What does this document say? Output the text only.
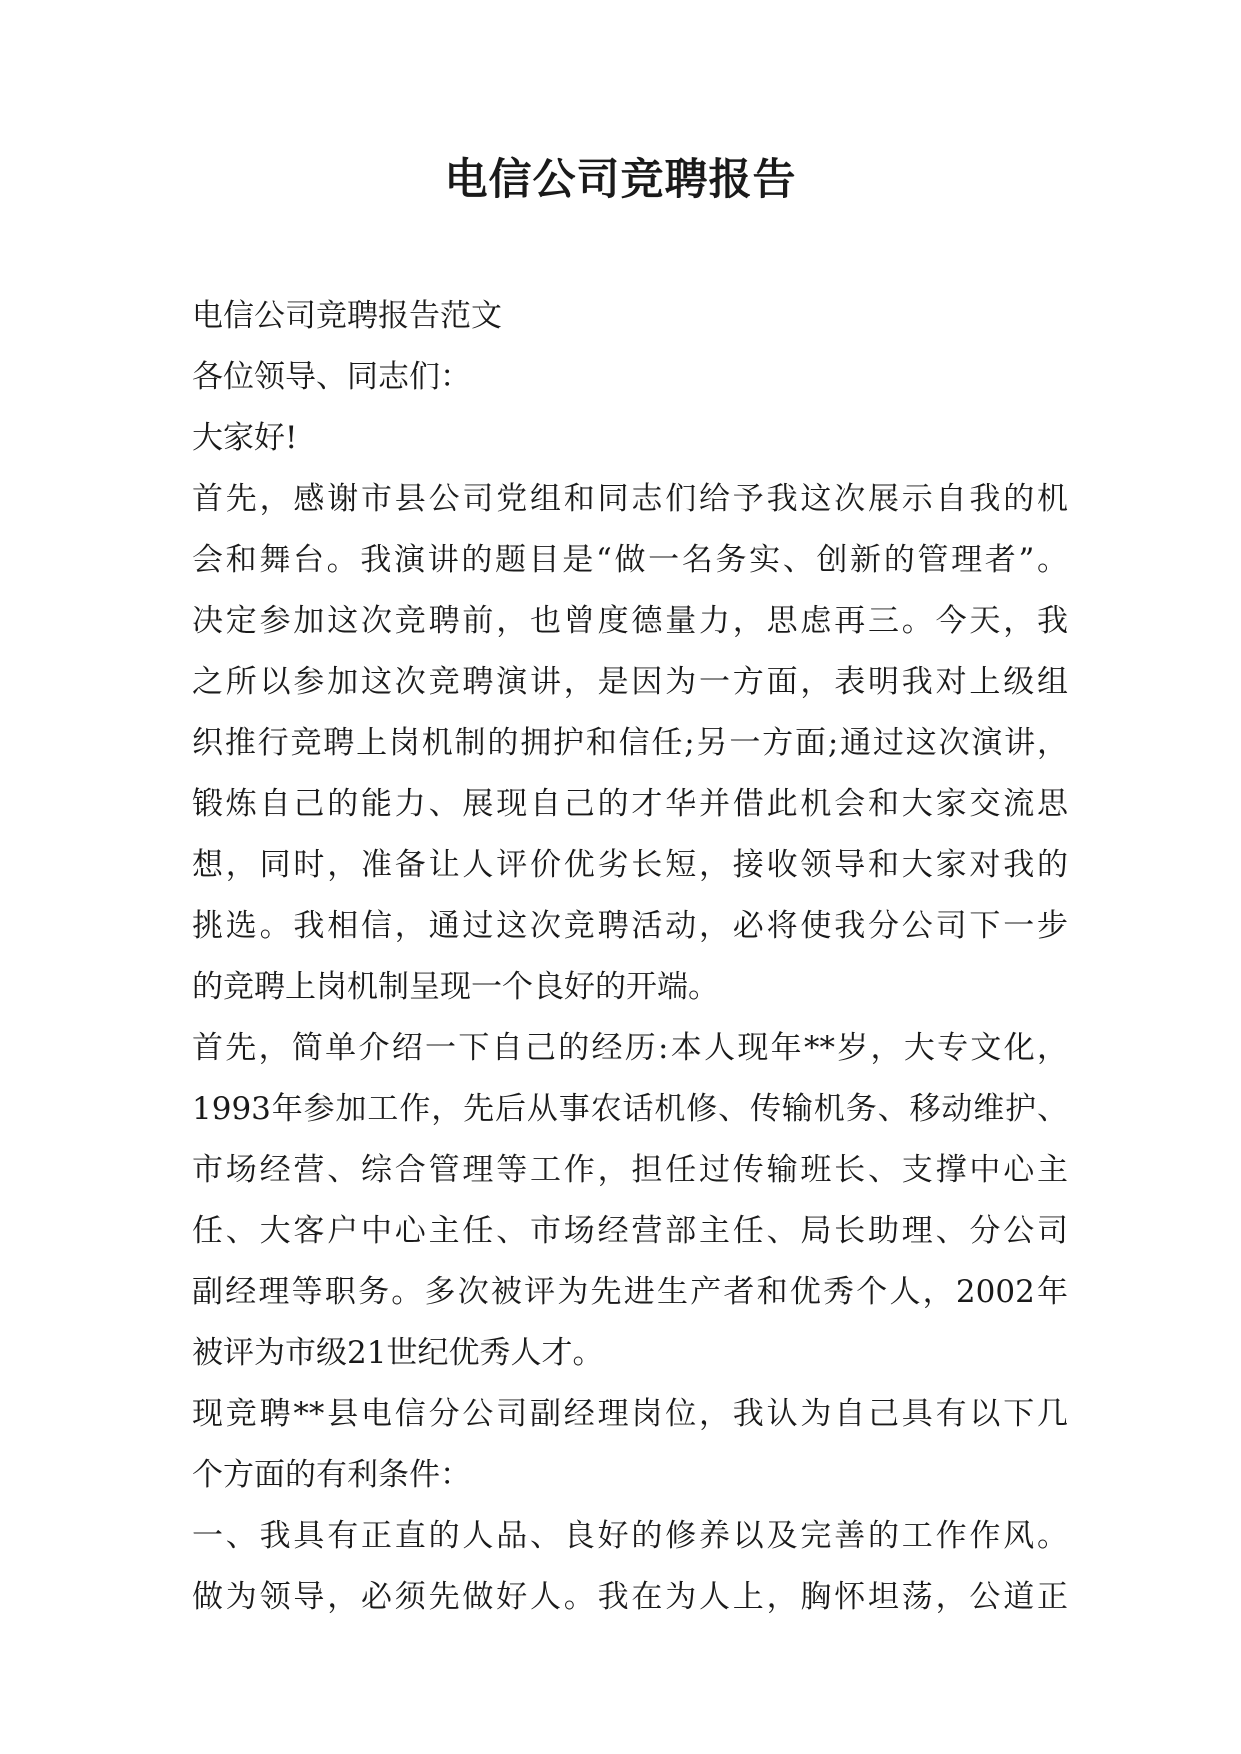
电信公司竞聘报告
电信公司竞聘报告范文
各位领导、同志们：
大家好!
首先，感谢市县公司党组和同志们给予我这次展示自我的机
会和舞台。我演讲的题目是“做一名务实、创新的管理者”。
决定参加这次竞聘前，也曾度德量力，思虑再三。今天，我
之所以参加这次竞聘演讲，是因为一方面，表明我对上级组
织推行竞聘上岗机制的拥护和信任;另一方面;通过这次演讲，
锻炼自己的能力、展现自己的才华并借此机会和大家交流思
想，同时，准备让人评价优劣长短，接收领导和大家对我的
挑选。我相信，通过这次竞聘活动，必将使我分公司下一步
的竞聘上岗机制呈现一个良好的开端。
首先，简单介绍一下自己的经历:本人现年**岁，大专文化，
1993年参加工作，先后从事农话机修、传输机务、移动维护、
市场经营、综合管理等工作，担任过传输班长、支撑中心主
任、大客户中心主任、市场经营部主任、局长助理、分公司
副经理等职务。多次被评为先进生产者和优秀个人，2002年
被评为市级21世纪优秀人才。
现竞聘**县电信分公司副经理岗位，我认为自己具有以下几
个方面的有利条件：
一、我具有正直的人品、良好的修养以及完善的工作作风。
做为领导，必须先做好人。我在为人上，胸怀坦荡，公道正
